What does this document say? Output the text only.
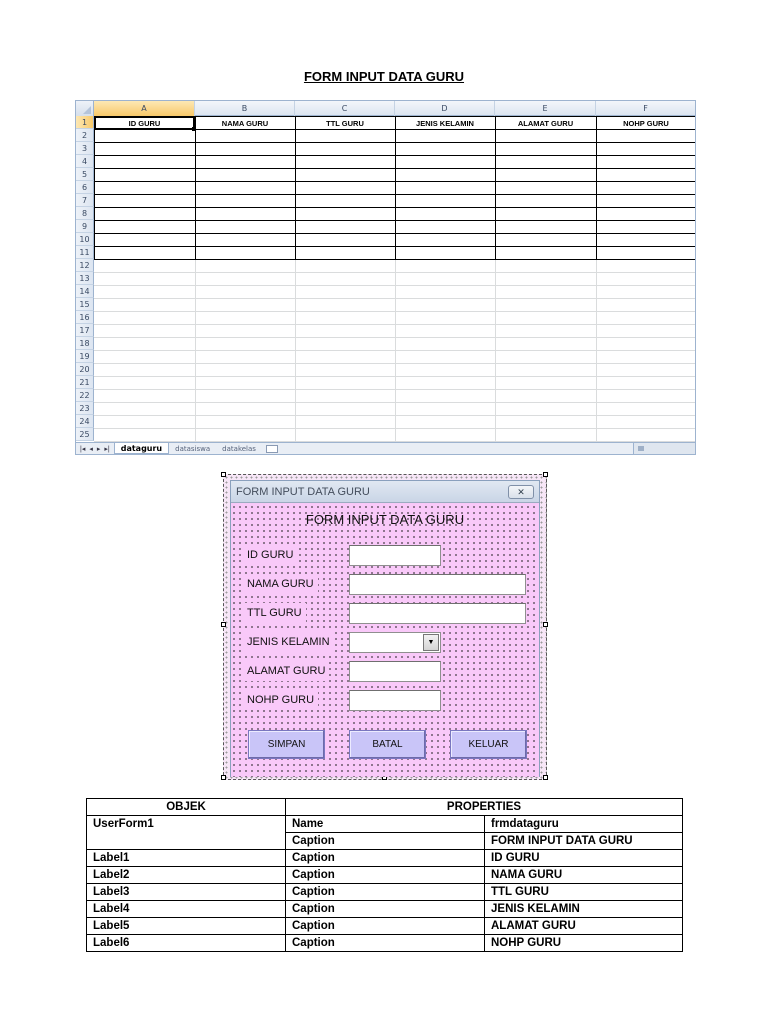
FORM INPUT DATA GURU
A	B	C	D	E	F
1
2
3
4
5
6
7
8
9
10
11
12
13
14
15
16
17
18
19
20
21
22
23
24
25
ID GURU	NAMA GURU	TTL GURU	JENIS KELAMIN	ALAMAT GURU	NOHP GURU
|◂ ◂ ▸ ▸|	dataguru	datasiswa	datakelas
FORM INPUT DATA GURU	✕
FORM INPUT DATA GURU
ID GURU
NAMA GURU
TTL GURU
JENIS KELAMIN	▼
ALAMAT GURU
NOHP GURU
SIMPAN	BATAL	KELUAR
OBJEK	PROPERTIES	
UserForm1	Name	frmdataguru
	Caption	FORM INPUT DATA GURU
Label1	Caption	ID GURU
Label2	Caption	NAMA GURU
Label3	Caption	TTL GURU
Label4	Caption	JENIS KELAMIN
Label5	Caption	ALAMAT GURU
Label6	Caption	NOHP GURU
